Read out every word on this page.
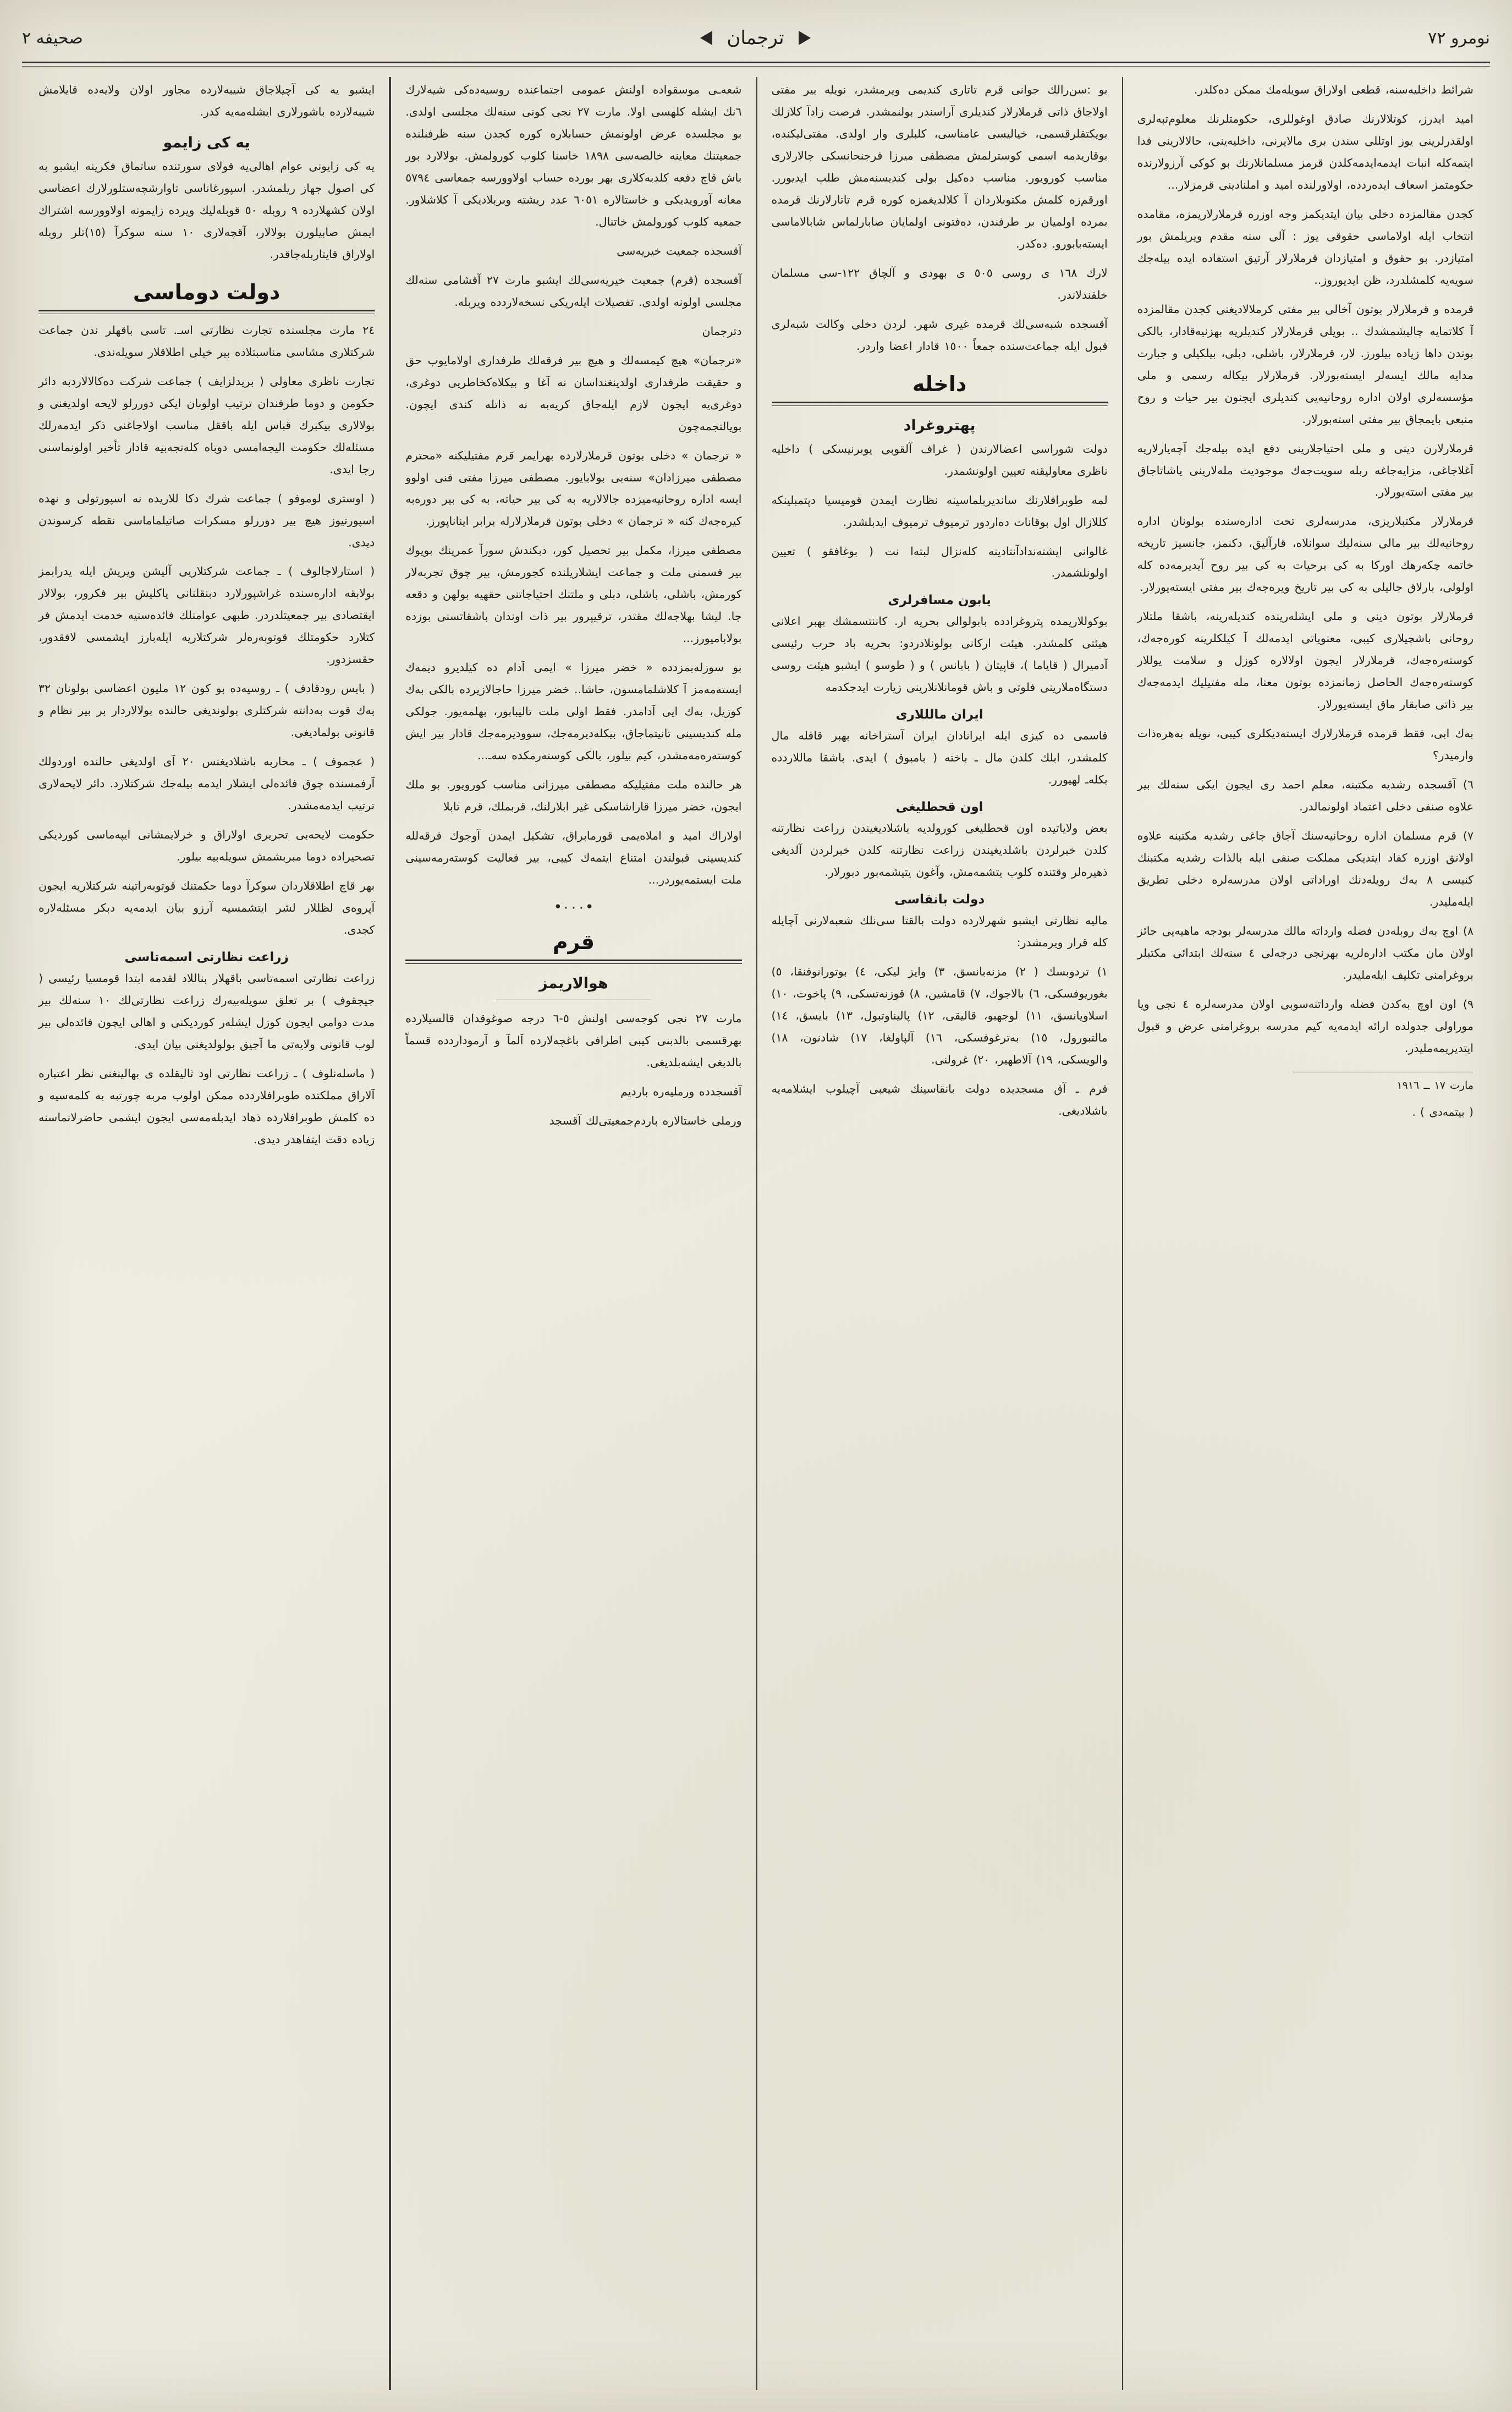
نومرو ٧٢
ترجمان
صحیفه ٢

شرائط داخلیه‌سنه، قطعی اولاراق سویله‌مك ممكن ده‌كلدر.

امید ایدرز، كوتلالارنك صادق اوغوللری، حكومتلرنك معلوم‌تبه‌لری اولقدرلرینی یوز اوتللی سندن بری مالایرنی، داخلیه‌ینی، حالالارینی فدا ایتمه‌كله انبات ایدمه‌ایدمه‌كلدن قرمز مسلمانلارنك بو كوكی آرزولارنده حكومتمز اسعاف ایده‌ردده، اولاورلنده امید و املنادینی قرمزلار...

كجدن مقالمزده دخلی بیان ایتدیكمز وجه اوزره قرملارلاریمزه، مقامده انتخاب ایله اولاماسی حقوقی یوز : آلی سنه مقدم ویریلمش بور امتیازدر. بو حقوق و امتیازدان قرملارلار آرتیق استفاده ایده بیله‌جك سویه‌یه كلمشلدرد، ظن ایدیوروز..

قرمده و قرملارلار بوتون آخالی بیر مفتی كرملالادیغنی كجدن مقالمزده آ كلاتمایه چالیشمشدك .. بویلی قرملارلار كندیلریه بهزنیه‌قادار، بالكی بوندن داها زیاده بیلورز. لار، قرملارلار، باشلی، دبلی، بیلكیلی و جبارت مدایه مالك ایسه‌لر ایسته‌بورلار. قرملارلار بیكاله رسمی و ملی مؤسسه‌لری اولان اداره روحانیه‌یی كندیلری ایجنون بیر حیات و روح منبعی بایمجاق بیر مفتی استه‌بورلار.

قرملارلارن دینی و ملی احتیاجلارینی دفع ایده بیله‌جك آچه‌یارلاریه آغلاجاغی، مزایه‌جاغه ربله سویت‌جه‌ك موجودیت مله‌لارینی یاشاتاجاق بیر مفتی استه‌یورلار.

قرملارلار مكتبلاریزی، مدرسه‌لری تحت اداره‌سنده بولونان اداره روحانیه‌لك بیر مالی سنه‌لیك سوانلاه، قارآلیق، دكنمز، جانسیز تاریخه خاتمه چكه‌رهك اوركا به كی برحیات به كی بیر روح آیدیرمه‌ده كله اولولی، بارلاق جالیلی به كی بیر تاریخ ویره‌جه‌ك بیر مفتی ایسته‌یورلار.

قرملارلار بوتون دینی و ملی ایشله‌رینده كندیله‌رینه، باشقا ملتلار روحانی باشچیلاری كیبی، معنویاتی ایدمه‌لك آ كیلكلرینه كوره‌جه‌ك، كوسته‌ره‌جه‌ك، قرملارلار ایجون اولالاره كوزل و سلامت یوللار كوسته‌ره‌جه‌ك الحاصل زمانمزده بوتون معنا، مله مفتیلیك ایدمه‌جه‌ك بیر ذاتی صابقار ماق ایسته‌یورلار.

به‌ك ابی، فقط قرمده قرملارلارك ایسته‌دیكلری كیبی، نویله به‌هره‌ذات وارمیدر؟

٦) آقسجده رشدیه مكتبنه، معلم احمد ری ایجون ایكی سنه‌لك بیر علاوه صنفی دخلی اعتماد اولونمالدر.

٧) قرم مسلمان اداره روحانیه‌سنك آجاق جاغی رشدیه مكتبنه علاوه اولانق اوزره كفاد ایتدیكی مملكت صنفی ایله بالذات رشدیه مكتبنك كنیسی ٨ به‌ك رویله‌دنك اوراداتی اولان مدرسه‌لره دخلی تطریق ایله‌ملیدر.

٨) اوچ به‌ك روبله‌دن فضله وارداته مالك مدرسه‌لر بودجه ماهیه‌یی حائز اولان مان مكتب اداره‌لریه بهرنجی درجه‌لی ٤ سنه‌لك ابتدائی مكتبلر بروغرامنی تكلیف ایله‌ملیدر.

٩) اون اوچ به‌كدن فضله وارداتنه‌سوبی اولان مدرسه‌لره ٤ نجی ویا موراولی جدولده ارائه ایدمه‌یه كیم مدرسه بروغرامنی عرض و قبول ایتدیریمه‌ملیدر.

مارت ١٧ ــ ١٩١٦
( بیتمه‌دی ) .

بو :سن‌رالك جوانی قرم تاتاری كندیمی ویرمشدر، نویله بیر مفتی اولاجاق ذاتی قرملارلار كندیلری آراسندر بولنمشدر. فرصت زادآ كلازلك بویكتقلرقسمی، خیالیسی عامناسی، كلبلری وار اولدی. مفتی‌لیكنده، بوقاریدمه اسمی كوسترلمش مصطفی میرزا فرجنحانسكی جالارلاری مناسب كورویور. مناسب ده‌كیل بولی كندیسنه‌مش طلب ایدیورر. اورقم‌زه كلمش مكتوبلاردان آ كلالدیغمزه كوره قرم تاتارلارنك قرمده بمرده اولمیان بر طرفندن، ده‌فتونی اولمایان صابارلماس شابالاماسی ایسته‌بابورو. ده‌كدر.

لارك ١٦٨ ی روسی ٥٠٥ ی بهودی و آلچاق ١٢٢-سی مسلمان خلقندلاندر.

آقسجده شبه‌سی‌لك قرمده غیری شهر. لردن دخلی وكالت شبه‌لری قبول ایله جماعت‌سنده جمعاً ١٥٠٠ قادار اعضا واردر.

داخله
پهتروغراد

دولت شورا‌سی اعضالارندن ( غراف آلقوبی یوبرنیسكی ) داخلیه ناظری معاولیقنه تعیین اولونشمدر.

لمه طوبرافلارنك ساندیربلماسینه نظارت ایمدن قومیسیا دپتمبلینكه كللازال اول بوقانات ده‌اردور ترمیوف ترمیوف ایدبلشدر.

غالوانی ایشته‌ندادآنتادینه كله‌نزال لبته‌ا نت ( بوغافقو ) تعیین اولونلشمدر.

یابون مسافرلری

بوكوللاریمده پتروغرادده بابولوالی بحریه ار. كاننتسمشك بهبر اعلانی هیئتی كلمشدر. هیئت اركانی بولونلادردو: بحریه باد حرب رئیسی آدمیرال ( قایاما )، قاپیتان ( بابانس ) و ( طوسو ) ایشبو هیئت روسی دستگاه‌ملارینی فلوتی و باش قومانلانلارینی زیارت ایدجكدمه

ایران مالللاری

قاسمی ده كیزی ایله ایرانادان ایران آستراخانه بهبر قافله مال كلمشدر، ابلك كلدن مال ـ باخته ( بامبوق ) ایدی. باشقا ماللاردده بكله‌ـ لهیورر.

اون قحطلیغی

بعض ولایاتیده اون قحطلیغی كورولدیه باشلادیغیندن زراعت نظارتنه كلدن خبرلردن باشلدیغیندن زراعت نظارتنه كلدن خبرلردن آلدیغی ذهیره‌لر وقتنده كلوب یتشمه‌مش، وآغون یتیشمه‌بور دبورلار.

دولت بانقاسی

مالیه نظارتی ایشبو شهرلارده دولت بالقتا سی‌نلك شعبه‌لارنی آچایله كله قرار ویرمشدر:

١) تردوبسك ( ٢) مزنه‌بانسق، ٣) وایز لیكی، ٤) بوتورانوفنقا، ٥) بغوریوفسكی، ٦) بالاجوك، ٧) قامشین، ٨) قوزنه‌تسكی، ٩) پاخوت، ١٠) اسلاویانسق، ١١) لوجهبو، قالیقی، ١٢) پالیناوتبول، ١٣) بایسق، ١٤) مالتبورول، ١٥) به‌ترغوفسكی، ١٦) آلپاولغا، ١٧) شادنون، ١٨) والویسكی، ١٩) آلاطهیر، ٢٠) غرولنی.

قرم ـ آق مسجدیده دولت بانقاسینك شیعبی آچیلوب ایشلامه‌یه باشلادیغی.

شعه‌ـی موسقواده اولنش عمومی اجتماعنده روسیه‌ده‌كی شیه‌لارك ٦‌نك ایشله كلهسی اولا. مارت ٢٧ نجی كونی سنه‌لك مجلسی اولدی. بو مجلسده عرض اولونمش حسابلاره كوره كجدن سنه ظرفنلنده جمعیتنك معاینه خالصه‌سی ١٨٩٨ خاسنا كلوب كورولمش. بولالارد بور باش قاچ دفعه كلدبه‌كلاری بهر بورده حساب اولاوورسه جمعاسی ٥٧٩٤ معانه آورویدیكی و خاستالاره ٦٠٥١ عدد ریشته وبربلادیكی آ كلاشلاور. جمعیه كلوب كورولمش خاتنال.

آقسجده جمعیت خیریه‌سی

آقسجده (قرم) جمعیت خیریه‌سی‌لك ایشبو مارت ٢٧ آقشامی سنه‌لك مجلسی اولونه اولدی. تفصیلات ایله‌ریكی نسخه‌لاردده ویربله.

دترجمان

«ترجمان» هیچ كیمسه‌لك و هیچ بیر فرقه‌لك طرفداری اولامایوب حق و حقیقت طرفداری اولدینغنداسان نه آغا و بیكلاه‌كخاطریی دوغری، دوغری‌یه ایجون لازم ایله‌جاق كریه‌به نه ذاتله كندی ایچون. بویالتجمه‌چون

« ترجمان » دخلی بوتون قرملارلارده بهرایمر قرم مفتیلیكنه «محترم مصطفی میرزادان» سنه‌بی بولابایور. مصطفی میرزا مفتی ‌فنی اولوو ایسه اداره روحانیه‌میزده جالالاریه به كی بیر حیاته، به كی بیر دوره‌به كیره‌جه‌ك كنه « ترجمان » دخلی بوتون قرملارلارله برابر ایناناپورز.

مصطفی میرزا، مكمل بیر تحصیل كور، دبكندش سورآ عمرینك بویوك بیر قسمنی ملت و جماعت ایشلاریلنده كجورمش، بیر چوق تجربه‌لار كورمش، باشلی، باشلی، دبلی و ملتنك احتیاجاتنی حقهیه بولهن و دقعه جا. لیشا بهلاجه‌لك مقتدر، ترقیپرور بیر ذات اوندان باشقاتسنی بوزده بولابامیورز...

بو سوزله‌بمزدده « خضر میرزا » ایمی آدام ده كیلدیرو دیمه‌ك ایسته‌مه‌مز آ كلاشلمامسون، حاشا.. خضر میرزا حاجالازیرده بالكی به‌ك كوزیل، به‌ك ایی آدامدر. فقط اولی ملت تالیبابور، بهلمه‌یور. جولكی مله كندیسینی تانیتماجاق، بیكله‌دیرمه‌جك، سوودیرمه‌جك قادار بیر ایش كوسته‌ره‌مه‌مشدر، كیم بیلور، بالكی كوسته‌رمكده سه‌ـ...

هر حالنده ملت مفتیلیكه مصطفی میرزانی مناسب كورویور. بو ملك ایجون، خضر میرزا قاراشاسكی غیر ابلارلنك، قربملك، قرم تابلا

اولاراك امید و املاه‌یمی قورمابراق، تشكیل ایمدن آوجوك فرقه‌لله كندیسینی قبولندن امتناع ایتمه‌ك كیبی، بیر فعالیت كوسته‌رمه‌سینی ملت ایستمه‌یوردر...

•٠٠٠•
قرم
هوالاریمز

مارت ٢٧ نجی كوجه‌سی اولنش ٥-٦ درجه صوغوقدان قالسیلارده بهرقسمی بالدبنی كیبی اطرافی باغچه‌لارده آلمآ و آرموداردده قسماً بالدبغی ایشه‌بلدیغی.

آقسجدده ورملیه‌ره باردیم

ورملی خاستالاره باردم‌جمعیتی‌لك آقسجد

ایشبو یه كی آچیلاجاق شیبه‌لارده مجاور اولان ولایه‌ده قایلامش شیبه‌لارده باشورلاری ایشله‌مه‌یه كدر.

یه كی زایمو

یه كی زایونی عوام اهالی‌یه قولای سورتنده ساتماق فكرینه ایشبو به كی اصول جهاز ریلمشدر. اسپورغاناسی تاوارشچه‌ستلورلارك اعضاسی اولان كشهلارده ٩ روبله ٥٠ قوبله‌لیك ویرده زایمونه اولاوورسه اشتراك ایمش صابیلورن بولالار، آقچه‌لاری ١٠ سنه سوكرآ (١٥)تلر روبله اولاراق قایتاربله‌جاقدر.

دولت دوماسی

٢٤ مارت مجلسنده تجارت نظارتی اسـ. تاسی باقهلر ندن جماعت شركتلاری مشاسی مناسبتلاده بیر خیلی اطلاقلار سویله‌ندی.

تجارت ناظری معاولی ( بریدلزایف ) جماعت شركت ده‌كالالاردبه دائر حكومن و دوما طرفندان ترتیب اولونان ایكی دوررلو لایحه اولدیغنی و بولالاری بیكبرك قباس ایله باققل مناسب اولاجاغنی ذكر ایدمه‌رلك مسئله‌لك حكومت الیجه‌امسی دوباه كله‌نجه‌بیه قادار تأخیر اولونماسنی رجا ایدی.

( اوستری لوموفو ) جماعت شرك دكا للاریده نه اسپورتولی و نهده اسپورتیوز هیچ بیر دوررلو مسكرات صاتیلماماسی نقطه كرسوندن دیدی.

( استارلاجالوف ) ـ جماعت شركتلاریی آلیشن ویریش ایله یدرابمز بولابقه اداره‌سنده غراشپورلارد دبنقلنانی یاكلیش بیر فكرور، بولالار ایقتصادی بیر جمعیتلدردر. طبهی عوامنلك فائده‌سنیه خدمت ایدمش فر كتلارد حكومتلك قوتوبه‌ره‌لر شركتلاریه ایله‌بارز ایشمسی لافقدور، حقسزدور.

( بایس رودقادف ) ـ روسیه‌ده بو كون ١٢ ملیون اعضاسی بولونان ٣٢ به‌ك قوت به‌دانته شركتلری بولوندیغی حالنده بولالاردار بر بیر نظام و قانونی بولمادیغی.

( عجموف ) ـ محاربه باشلادیغنس ٢٠ آی اولدیغی حالنده اوردولك آرفمسنده چوق فائده‌لی ایشلار ایدمه بیله‌جك شركتلارد. دائر لایحه‌لاری ترتیب ایدمه‌مشدر.

حكومت لایحه‌بی تحریری اولاراق و خرلایمشانی ایپه‌ماسی كوردیكی تصحیراده دوما مبربشمش سویله‌بیه بیلور.

بهر قاچ اطلاقلاردان سوكرآ دوما حكمتنك قوتوبه‌راتینه شركتلاریه ایجون آپروه‌ی لظللار لشر ایتشمسیه آرزو بیان ایدمه‌یه دبكر مسئله‌لاره كجدی.

زراعت نظارتی اسمه‌تاسی

زراعت نظارتی اسمه‌تاسی باقهلار بناللاد لقدمه ابتدا قومسیا رئیسی ( جیجقوف ) بر تعلق سویله‌بیه‌رك زراعت نظارتی‌لك ١٠ سنه‌لك بیر مدت دوامی ایجون كوزل ایشله‌ر كوردیكنی و اهالی ایچون فائده‌لی بیر لوب قانونی ولایه‌تی ما آجیق بولولدیغنی بیان ایدی.

( ماسله‌نلوف ) ـ زراعت نظارتی اود ثالیقلده ی بهالینغنی نظر اعتباره آلاراق مملكتده طوبرافلاردده ممكن اولوب مربه چورتبه به كلمه‌سیه و ده كلمش طوبرافلارده ذهاد ایدبله‌مه‌سی ایجون ایشمی حاضرلانماسنه زیاده دقت ایتفاهدر دیدی.
